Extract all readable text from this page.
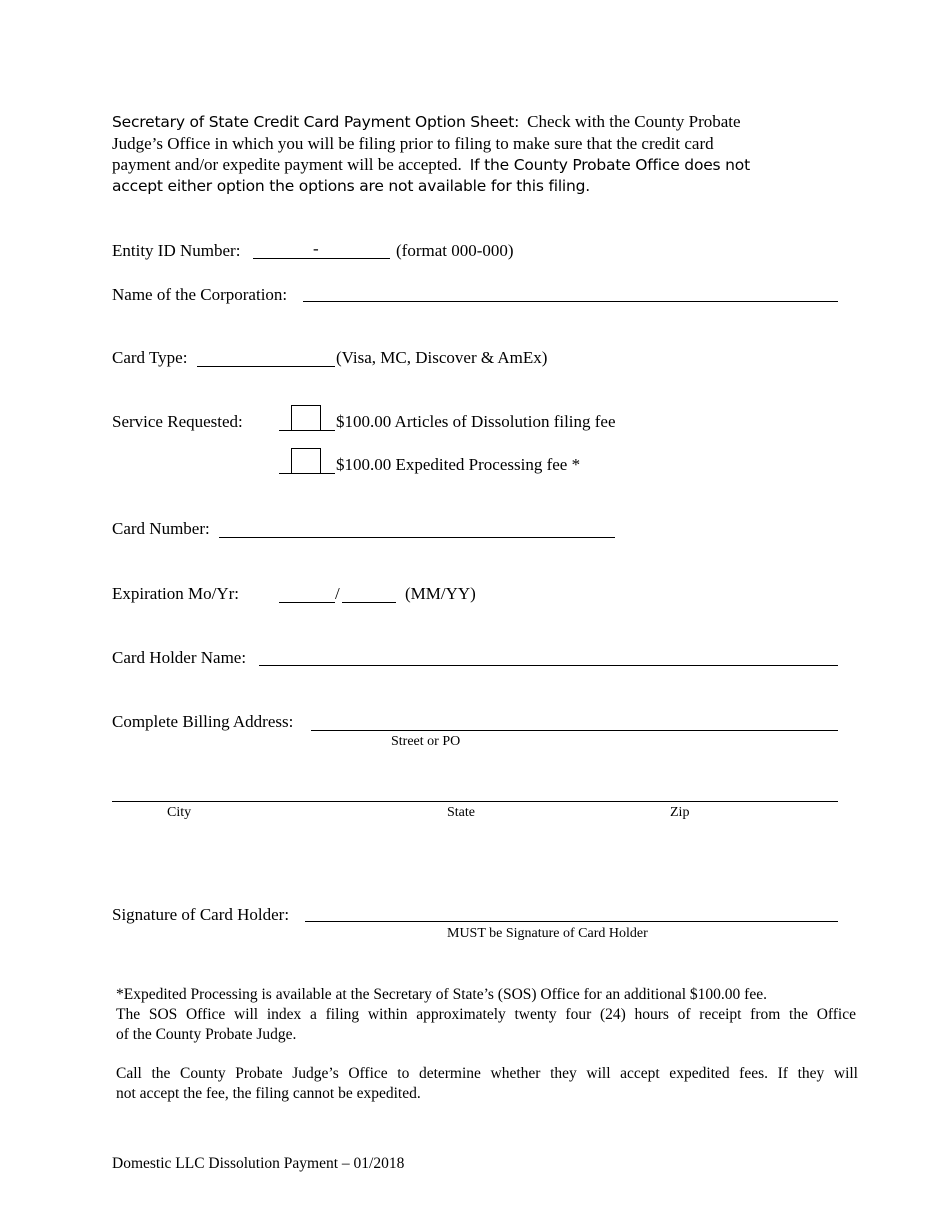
Secretary of State Credit Card Payment Option Sheet: Check with the County Probate
Judge’s Office in which you will be filing prior to filing to make sure that the credit card
payment and/or expedite payment will be accepted. If the County Probate Office does not
accept either option the options are not available for this filing.
Entity ID Number:	-	(format 000-000)
Name of the Corporation:
Card Type:	(Visa, MC, Discover & AmEx)
Service Requested:	$100.00 Articles of Dissolution filing fee
$100.00 Expedited Processing fee *
Card Number:
Expiration Mo/Yr:	/	(MM/YY)
Card Holder Name:
Complete Billing Address:
Street or PO
City	State	Zip
Signature of Card Holder:
MUST be Signature of Card Holder
*Expedited Processing is available at the Secretary of State’s (SOS) Office for an additional $100.00 fee.
The SOS Office will index a filing within approximately twenty four (24) hours of receipt from the Office
of the County Probate Judge.
Call the County Probate Judge’s Office to determine whether they will accept expedited fees. If they will
not accept the fee, the filing cannot be expedited.
Domestic LLC Dissolution Payment – 01/2018
